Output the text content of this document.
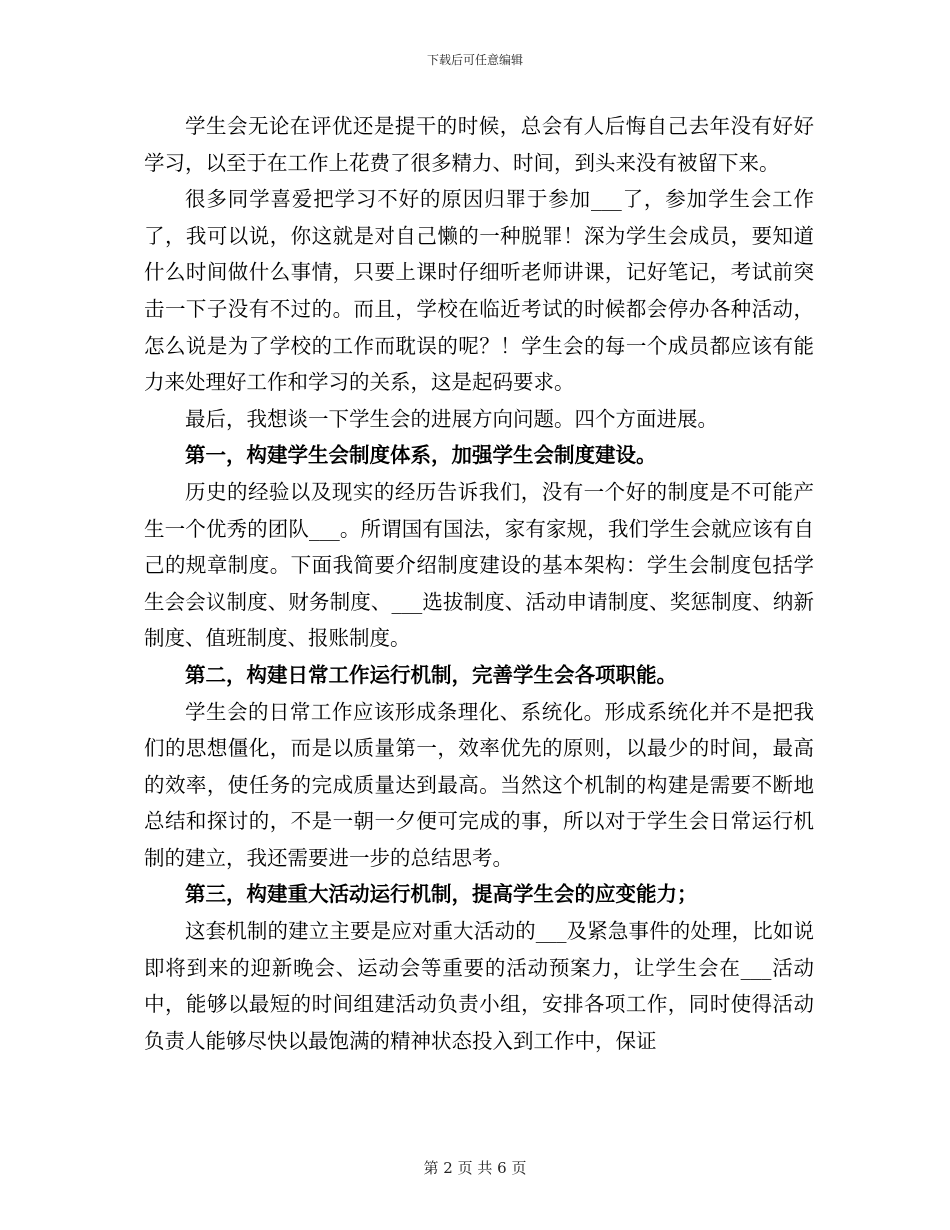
下载后可任意编辑

学生会无论在评优还是提干的时候，总会有人后悔自己去年没有好好学习，以至于在工作上花费了很多精力、时间，到头来没有被留下来。

很多同学喜爱把学习不好的原因归罪于参加___了，参加学生会工作了，我可以说，你这就是对自己懒的一种脱罪！深为学生会成员，要知道什么时间做什么事情，只要上课时仔细听老师讲课，记好笔记，考试前突击一下子没有不过的。而且，学校在临近考试的时候都会停办各种活动，怎么说是为了学校的工作而耽误的呢？！学生会的每一个成员都应该有能力来处理好工作和学习的关系，这是起码要求。

最后，我想谈一下学生会的进展方向问题。四个方面进展。

第一，构建学生会制度体系，加强学生会制度建设。

历史的经验以及现实的经历告诉我们，没有一个好的制度是不可能产生一个优秀的团队___。所谓国有国法，家有家规，我们学生会就应该有自己的规章制度。下面我简要介绍制度建设的基本架构：学生会制度包括学生会会议制度、财务制度、___选拔制度、活动申请制度、奖惩制度、纳新制度、值班制度、报账制度。

第二，构建日常工作运行机制，完善学生会各项职能。

学生会的日常工作应该形成条理化、系统化。形成系统化并不是把我们的思想僵化，而是以质量第一，效率优先的原则，以最少的时间，最高的效率，使任务的完成质量达到最高。当然这个机制的构建是需要不断地总结和探讨的，不是一朝一夕便可完成的事，所以对于学生会日常运行机制的建立，我还需要进一步的总结思考。

第三，构建重大活动运行机制，提高学生会的应变能力；

这套机制的建立主要是应对重大活动的___及紧急事件的处理，比如说即将到来的迎新晚会、运动会等重要的活动预案力，让学生会在___活动中，能够以最短的时间组建活动负责小组，安排各项工作，同时使得活动负责人能够尽快以最饱满的精神状态投入到工作中，保证

第 2 页 共 6 页
